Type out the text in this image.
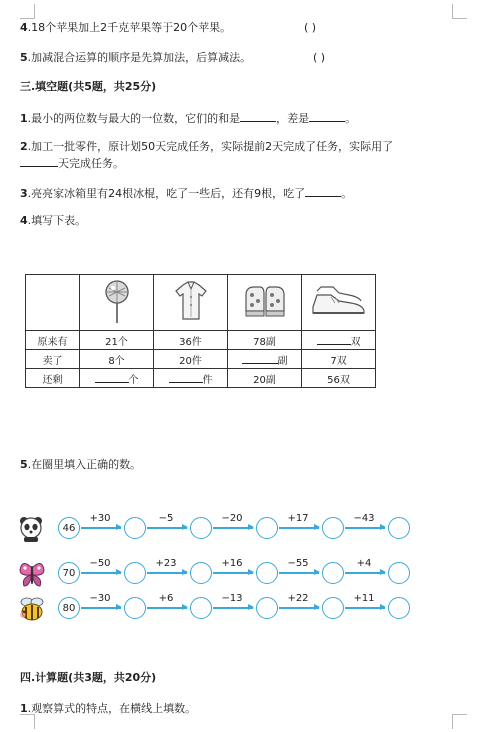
4.18个苹果加上2千克苹果等于20个苹果。	( )
5.加减混合运算的顺序是先算加法，后算减法。	( )
三.填空题(共5题，共25分)
1.最小的两位数与最大的一位数，它们的和是	，差是	。
2.加工一批零件，原计划50天完成任务，实际提前2天完成了任务，实际用了
天完成任务。
3.亮亮家冰箱里有24根冰棍，吃了一些后，还有9根，吃了	。
4.填写下表。

原来有	21个	36件	78副	双
卖了	8个	20件	副	7双
还剩	个	件	20副	56双
5.在圈里填入正确的数。
46
+30	−5	−20	+17	−43
70
−50	+23	+16	−55	+4
80
−30	+6	−13	+22	+11
四.计算题(共3题，共20分)
1.观察算式的特点，在横线上填数。
